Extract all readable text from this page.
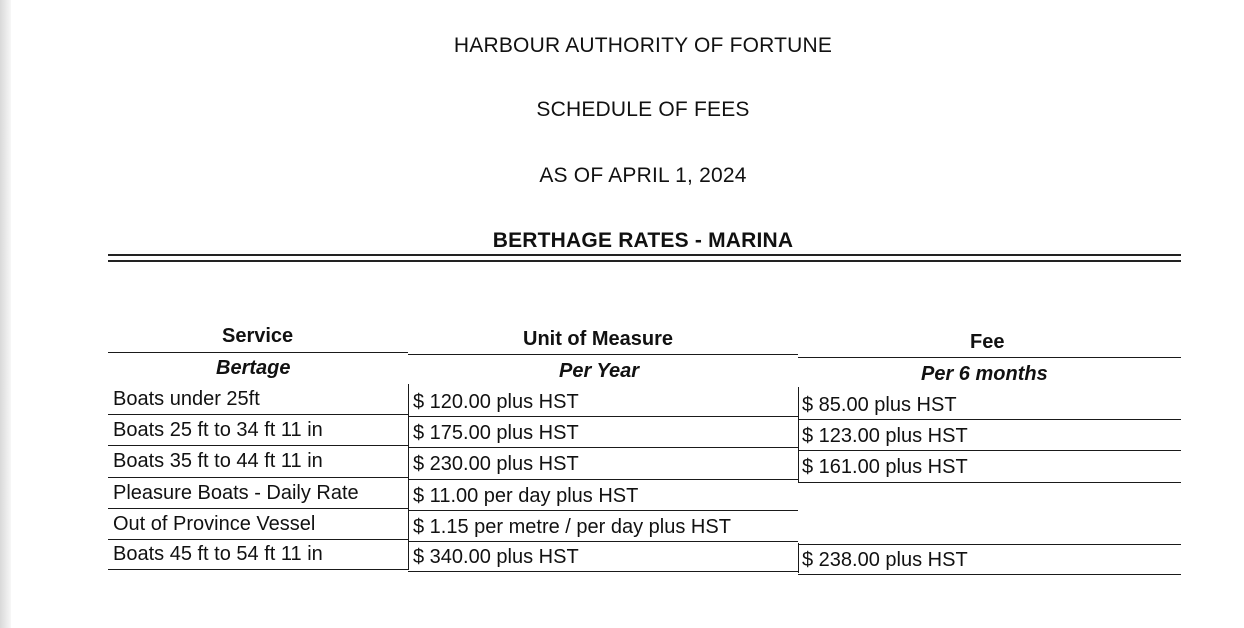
HARBOUR AUTHORITY OF FORTUNE
SCHEDULE OF FEES
AS OF APRIL 1, 2024
BERTHAGE RATES - MARINA
Service	Unit of Measure	Fee
Bertage	Per Year	Per 6 months
Boats under 25ft	$ 120.00 plus HST	$ 85.00 plus HST
Boats 25 ft to 34 ft 11 in	$ 175.00 plus HST	$ 123.00 plus HST
Boats 35 ft to 44 ft 11 in	$ 230.00 plus HST	$ 161.00 plus HST
Pleasure Boats - Daily Rate	$ 11.00 per day plus HST
Out of Province Vessel	$ 1.15 per metre / per day plus HST
Boats 45 ft to 54 ft 11 in	$ 340.00 plus HST	$ 238.00 plus HST
